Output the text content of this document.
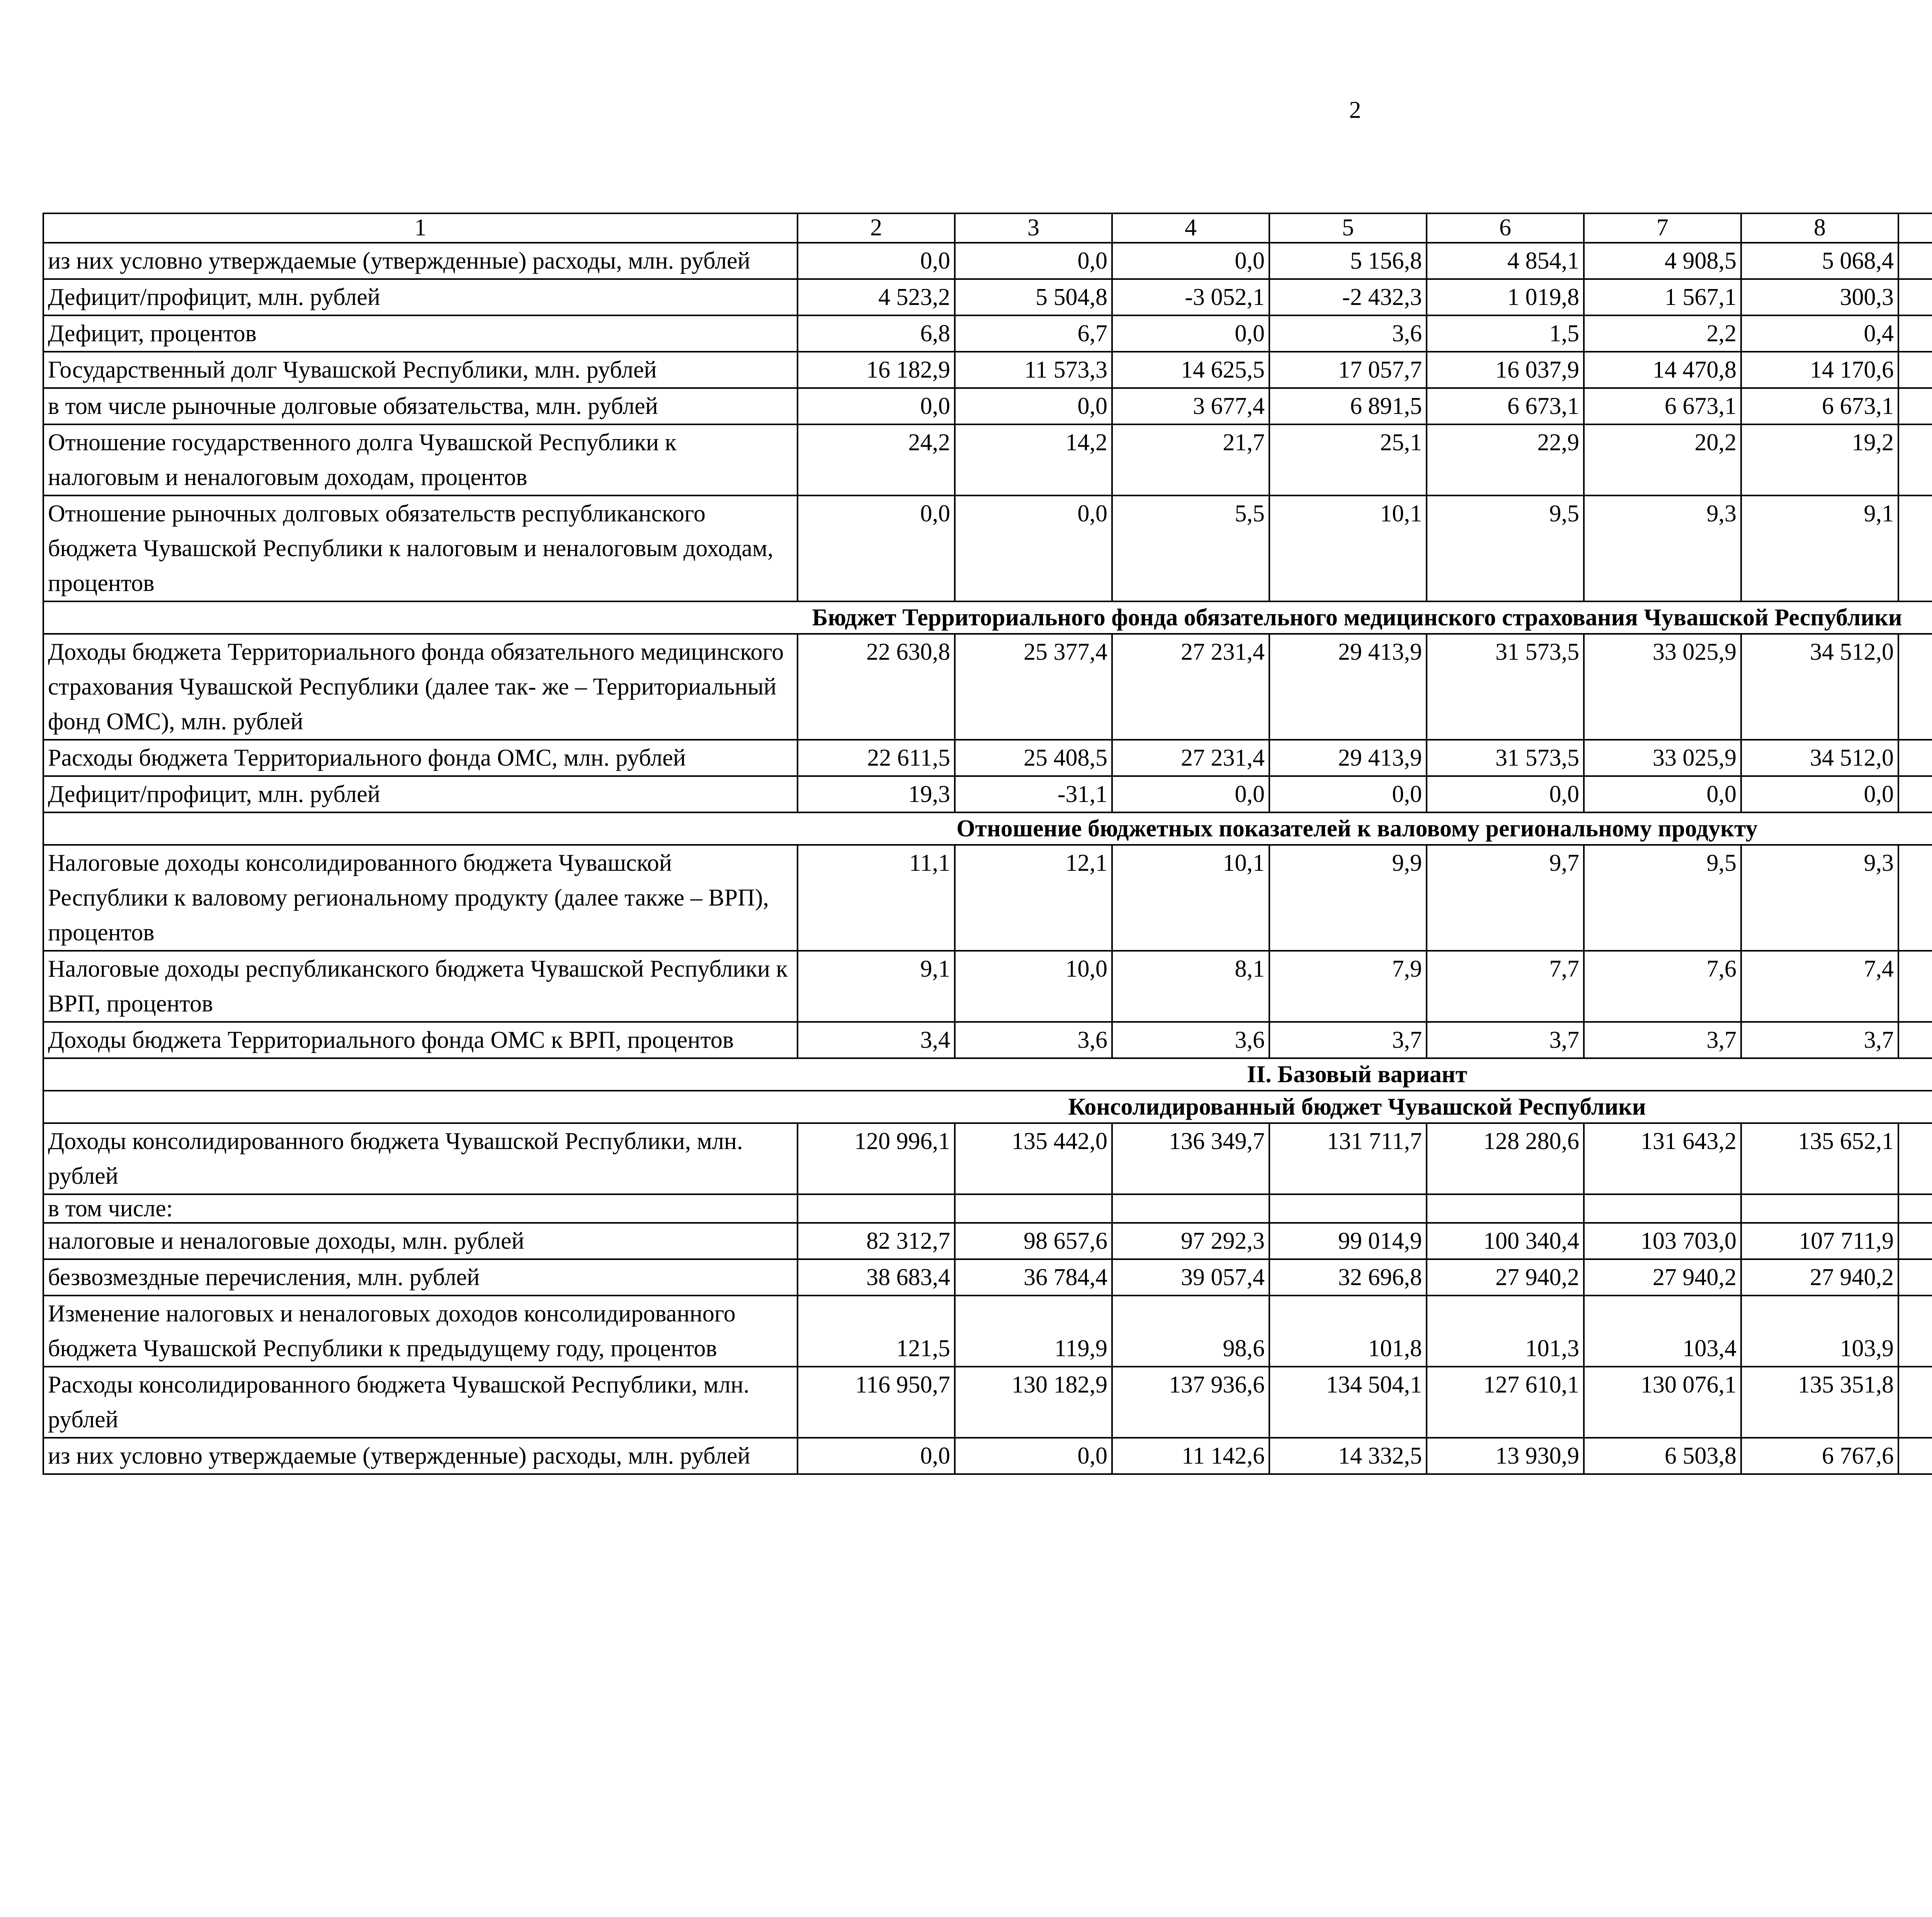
2
1	2	3	4	5	6	7	8					
из них условно утверждаемые (утвержденные) расходы, млн. рублей	0,0	0,0	0,0	5 156,8	4 854,1	4 908,5	5 068,4					
Дефицит/профицит, млн. рублей	4 523,2	5 504,8	-3 052,1	-2 432,3	1 019,8	1 567,1	300,3					
Дефицит, процентов	6,8	6,7	0,0	3,6	1,5	2,2	0,4					
Государственный долг Чувашской Республики, млн. рублей	16 182,9	11 573,3	14 625,5	17 057,7	16 037,9	14 470,8	14 170,6					
в том числе рыночные долговые обязательства, млн. рублей	0,0	0,0	3 677,4	6 891,5	6 673,1	6 673,1	6 673,1					
Отношение государственного долга Чувашской Республики к налоговым и неналоговым доходам, процентов	24,2	14,2	21,7	25,1	22,9	20,2	19,2					
Отношение рыночных долговых обязательств республиканского бюджета Чувашской Республики к налоговым и неналоговым доходам, процентов	0,0	0,0	5,5	10,1	9,5	9,3	9,1					
Бюджет Территориального фонда обязательного медицинского страхования Чувашской Республики												
Доходы бюджета Территориального фонда обязательного медицинского страхования Чувашской Республики (далее так- же – Территориальный фонд ОМС), млн. рублей	22 630,8	25 377,4	27 231,4	29 413,9	31 573,5	33 025,9	34 512,0					
Расходы бюджета Территориального фонда ОМС, млн. рублей	22 611,5	25 408,5	27 231,4	29 413,9	31 573,5	33 025,9	34 512,0					
Дефицит/профицит, млн. рублей	19,3	-31,1	0,0	0,0	0,0	0,0	0,0					
Отношение бюджетных показателей к валовому региональному продукту												
Налоговые доходы консолидированного бюджета Чувашской Республики к валовому региональному продукту (далее также – ВРП), процентов	11,1	12,1	10,1	9,9	9,7	9,5	9,3					
Налоговые доходы республиканского бюджета Чувашской Республики к ВРП, процентов	9,1	10,0	8,1	7,9	7,7	7,6	7,4					
Доходы бюджета Территориального фонда ОМС к ВРП, процентов	3,4	3,6	3,6	3,7	3,7	3,7	3,7					
II. Базовый вариант												
Консолидированный бюджет Чувашской Республики												
Доходы консолидированного бюджета Чувашской Республики, млн. рублей	120 996,1	135 442,0	136 349,7	131 711,7	128 280,6	131 643,2	135 652,1					
в том числе:												
налоговые и неналоговые доходы, млн. рублей	82 312,7	98 657,6	97 292,3	99 014,9	100 340,4	103 703,0	107 711,9					
безвозмездные перечисления, млн. рублей	38 683,4	36 784,4	39 057,4	32 696,8	27 940,2	27 940,2	27 940,2					
Изменение налоговых и неналоговых доходов консолидированного бюджета Чувашской Республики к предыдущему году, процентов	121,5	119,9	98,6	101,8	101,3	103,4	103,9					
Расходы консолидированного бюджета Чувашской Республики, млн. рублей	116 950,7	130 182,9	137 936,6	134 504,1	127 610,1	130 076,1	135 351,8					
из них условно утверждаемые (утвержденные) расходы, млн. рублей	0,0	0,0	11 142,6	14 332,5	13 930,9	6 503,8	6 767,6					
